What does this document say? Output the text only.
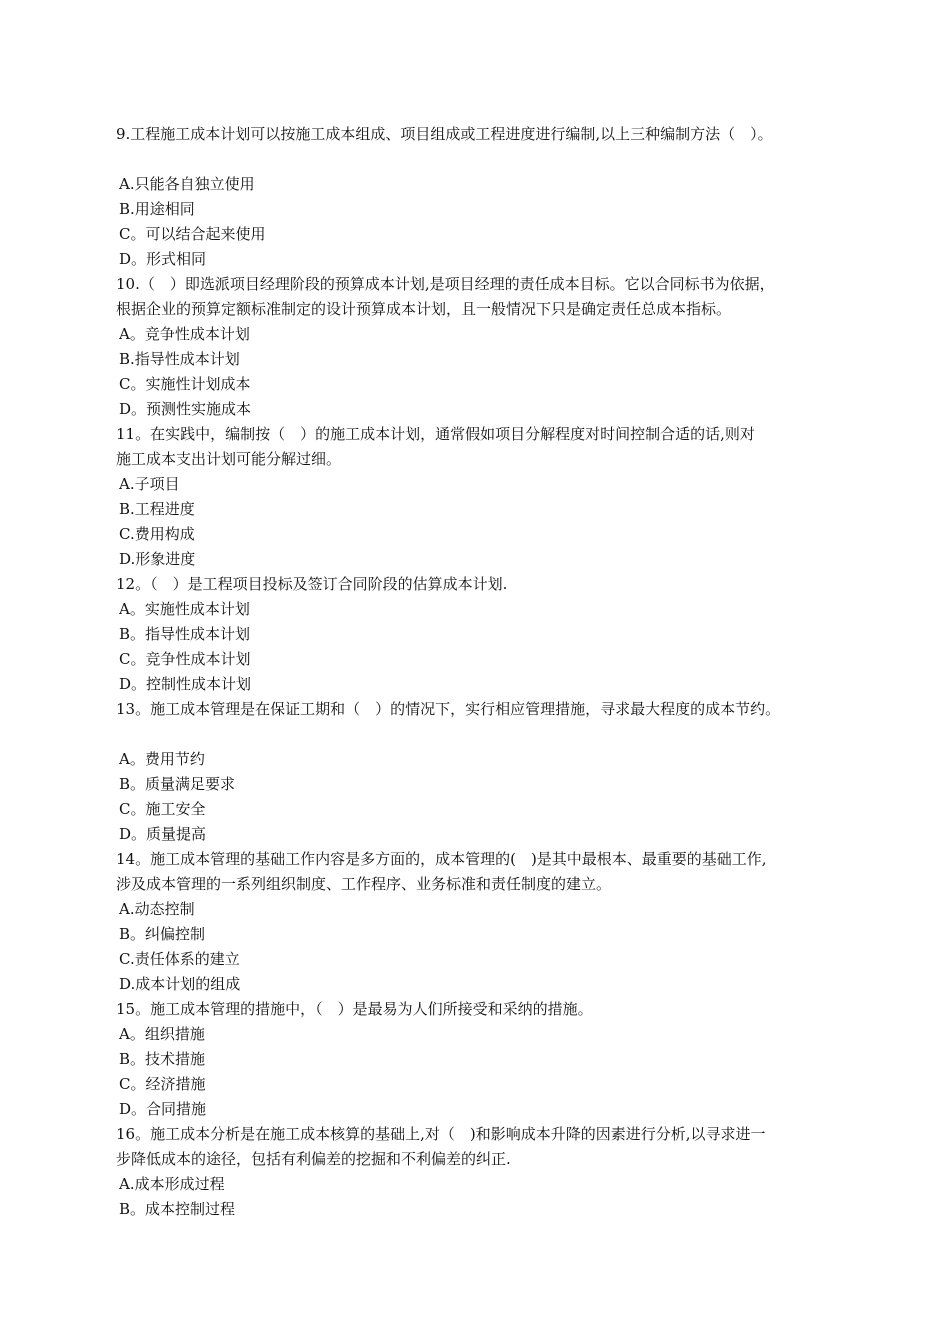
9.工程施工成本计划可以按施工成本组成、项目组成或工程进度进行编制,以上三种编制方法（　）。
A.只能各自独立使用
B.用途相同
C。可以结合起来使用
D。形式相同
10.（　）即选派项目经理阶段的预算成本计划,是项目经理的责任成本目标。它以合同标书为依据，
根据企业的预算定额标准制定的设计预算成本计划，且一般情况下只是确定责任总成本指标。
A。竞争性成本计划
B.指导性成本计划
C。实施性计划成本
D。预测性实施成本
11。在实践中，编制按（　）的施工成本计划，通常假如项目分解程度对时间控制合适的话,则对
施工成本支出计划可能分解过细。
A.子项目
B.工程进度
C.费用构成
D.形象进度
12。（　）是工程项目投标及签订合同阶段的估算成本计划.
A。实施性成本计划
B。指导性成本计划
C。竞争性成本计划
D。控制性成本计划
13。施工成本管理是在保证工期和（　）的情况下，实行相应管理措施，寻求最大程度的成本节约。
A。费用节约
B。质量满足要求
C。施工安全
D。质量提高
14。施工成本管理的基础工作内容是多方面的，成本管理的(　)是其中最根本、最重要的基础工作,
涉及成本管理的一系列组织制度、工作程序、业务标准和责任制度的建立。
A.动态控制
B。纠偏控制
C.责任体系的建立
D.成本计划的组成
15。施工成本管理的措施中，（　）是最易为人们所接受和采纳的措施。
A。组织措施
B。技术措施
C。经济措施
D。合同措施
16。施工成本分析是在施工成本核算的基础上,对（　)和影响成本升降的因素进行分析,以寻求进一
步降低成本的途径，包括有利偏差的挖掘和不利偏差的纠正.
A.成本形成过程
B。成本控制过程
